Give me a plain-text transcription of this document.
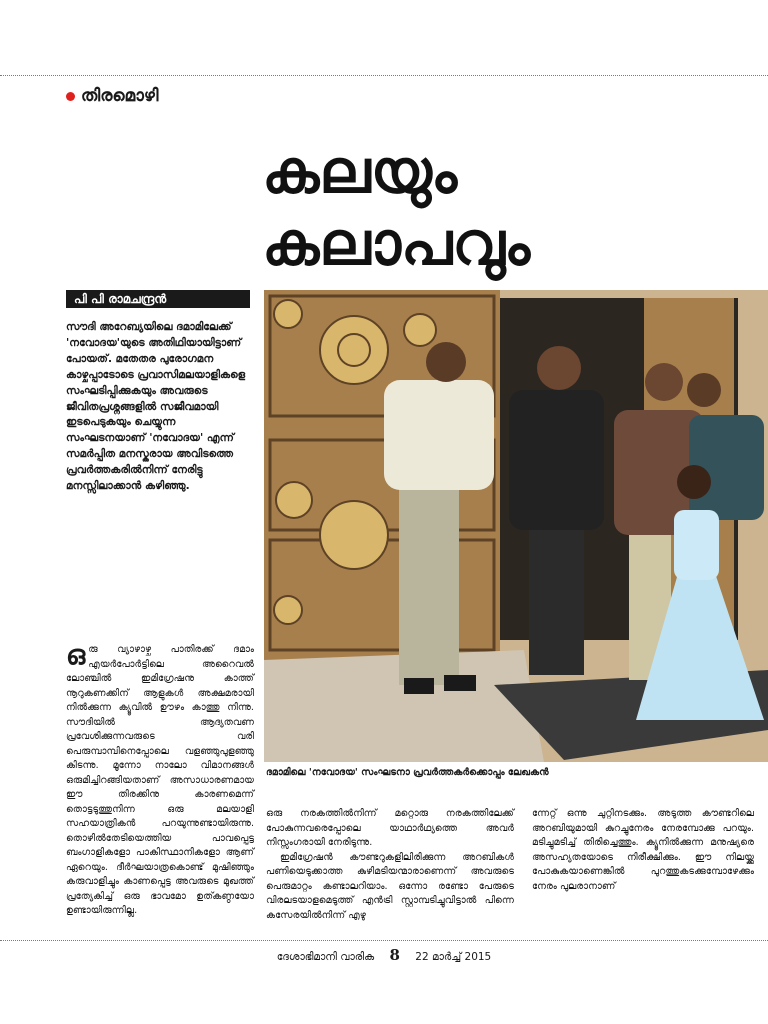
തിരമൊഴി
കലയും
കലാപവും
പി പി രാമചന്ദ്രൻ
സൗദി അറേബ്യയിലെ ദമാമിലേക്ക് 'നവോദയ'യുടെ അതിഥിയായിട്ടാണ് പോയത്. മതേതര പുരോഗമന കാഴ്ചപ്പാടോടെ പ്രവാസിമലയാളികളെ സംഘടിപ്പിക്കുകയും അവരുടെ ജീവിതപ്രശ്നങ്ങളിൽ സജീവമായി ഇടപെടുകയും ചെയ്യുന്ന സംഘടനയാണ് 'നവോദയ' എന്ന് സമർപ്പിത മനസ്കരായ അവിടത്തെ പ്രവർത്തകരിൽനിന്ന് നേരിട്ടു മനസ്സിലാക്കാൻ കഴിഞ്ഞു.
ദമാമിലെ 'നവോദയ' സംഘടനാ പ്രവർത്തകർക്കൊപ്പം ലേഖകൻ

ഒരു വ്യാഴാഴ്ച പാതിരക്ക് ദമാം എയർപോർട്ടിലെ അറൈവൽ ലോഞ്ചിൽ ഇമിഗ്രേഷനു കാത്ത് നൂറുകണക്കിന് ആളുകൾ അക്ഷമരായി നിൽക്കുന്ന ക്യൂവിൽ ഊഴം കാത്തു നിന്നു. സൗദിയിൽ ആദ്യതവണ പ്രവേശിക്കുന്നവരുടെ വരി പെരുമ്പാമ്പിനെപ്പോലെ വളഞ്ഞുപുളഞ്ഞു കിടന്നു. മൂന്നോ നാലോ വിമാനങ്ങൾ ഒരുമിച്ചിറങ്ങിയതാണ് അസാധാരണമായ ഈ തിരക്കിനു കാരണമെന്ന് തൊട്ടടുത്തുനിന്ന ഒരു മലയാളി സഹയാത്രികൻ പറയുന്നുണ്ടായിരുന്നു. തൊഴിൽതേടിയെത്തിയ പാവപ്പെട്ട ബംഗാളികളോ പാകിസ്ഥാനികളോ ആണ് ഏറെയും. ദീർഘയാത്രകൊണ്ട് മുഷിഞ്ഞും കരുവാളിച്ചും കാണപ്പെട്ട അവരുടെ മുഖത്ത് പ്രത്യേകിച്ച് ഒരു ഭാവമോ ഉത്കണ്ഠയോ ഉണ്ടായിരുന്നില്ല.

ഒരു നരകത്തിൽനിന്ന് മറ്റൊരു നരകത്തിലേക്ക് പോകുന്നവരെപ്പോലെ യാഥാർഥ്യത്തെ അവർ നിസ്സംഗരായി നേരിടുന്നു.

ഇമിഗ്രേഷൻ കൗണ്ടറുകളിലിരിക്കുന്ന അറബികൾ പണിയെടുക്കാത്ത കുഴിമടിയന്മാരാണെന്ന് അവരുടെ പെരുമാറ്റം കണ്ടാലറിയാം. ഒന്നോ രണ്ടോ പേരുടെ വിരലടയാളമെടുത്ത് എൻട്രി സ്റ്റാമ്പടിച്ചുവിട്ടാൽ പിന്നെ കസേരയിൽനിന്ന് എഴു

ന്നേറ്റ് ഒന്നു ചുറ്റിനടക്കും. അടുത്ത കൗണ്ടറിലെ അറബിയുമായി കുറച്ചുനേരം നേരമ്പോക്കു പറയും. മടിച്ചുമടിച്ച് തിരിച്ചെത്തും. ക്യൂനിൽക്കുന്ന മനുഷ്യരെ അസഹ്യതയോടെ നിരീക്ഷിക്കും. ഈ നിലയ്ക്കു പോകുകയാണെങ്കിൽ പുറത്തുകടക്കുമ്പോഴേക്കും നേരം പുലരാനാണ്

ദേശാഭിമാനി വാരിക 8 22 മാർച്ച് 2015
